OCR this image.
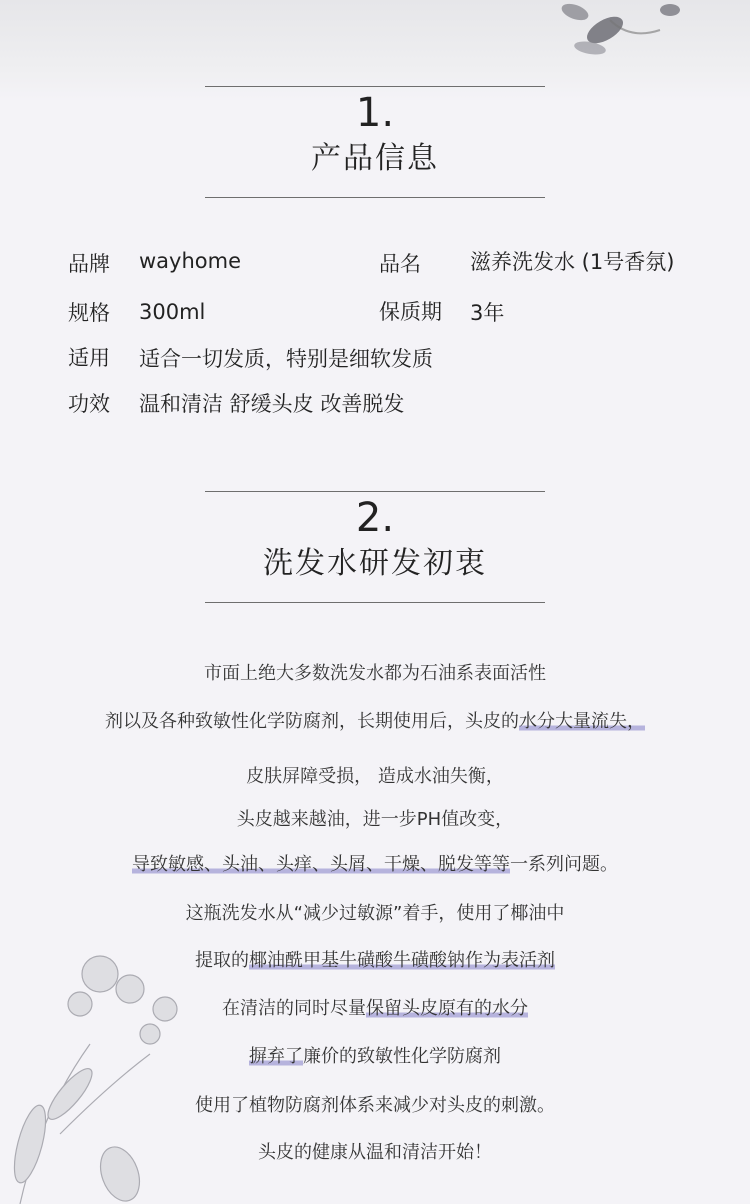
1.
产品信息
品牌 wayhome	品名 滋养洗发水 (1号香氛)
规格 300ml	保质期 3年
适用 适合一切发质，特别是细软发质
功效 温和清洁 舒缓头皮 改善脱发
2.
洗发水研发初衷
市面上绝大多数洗发水都为石油系表面活性
剂以及各种致敏性化学防腐剂，长期使用后，头皮的水分大量流失，
皮肤屏障受损， 造成水油失衡，
头皮越来越油，进一步PH值改变，
导致敏感、头油、头痒、头屑、干燥、脱发等等一系列问题。
这瓶洗发水从“减少过敏源”着手，使用了椰油中
提取的椰油酰甲基牛磺酸牛磺酸钠作为表活剂
在清洁的同时尽量保留头皮原有的水分
摒弃了廉价的致敏性化学防腐剂
使用了植物防腐剂体系来减少对头皮的刺激。
头皮的健康从温和清洁开始！
